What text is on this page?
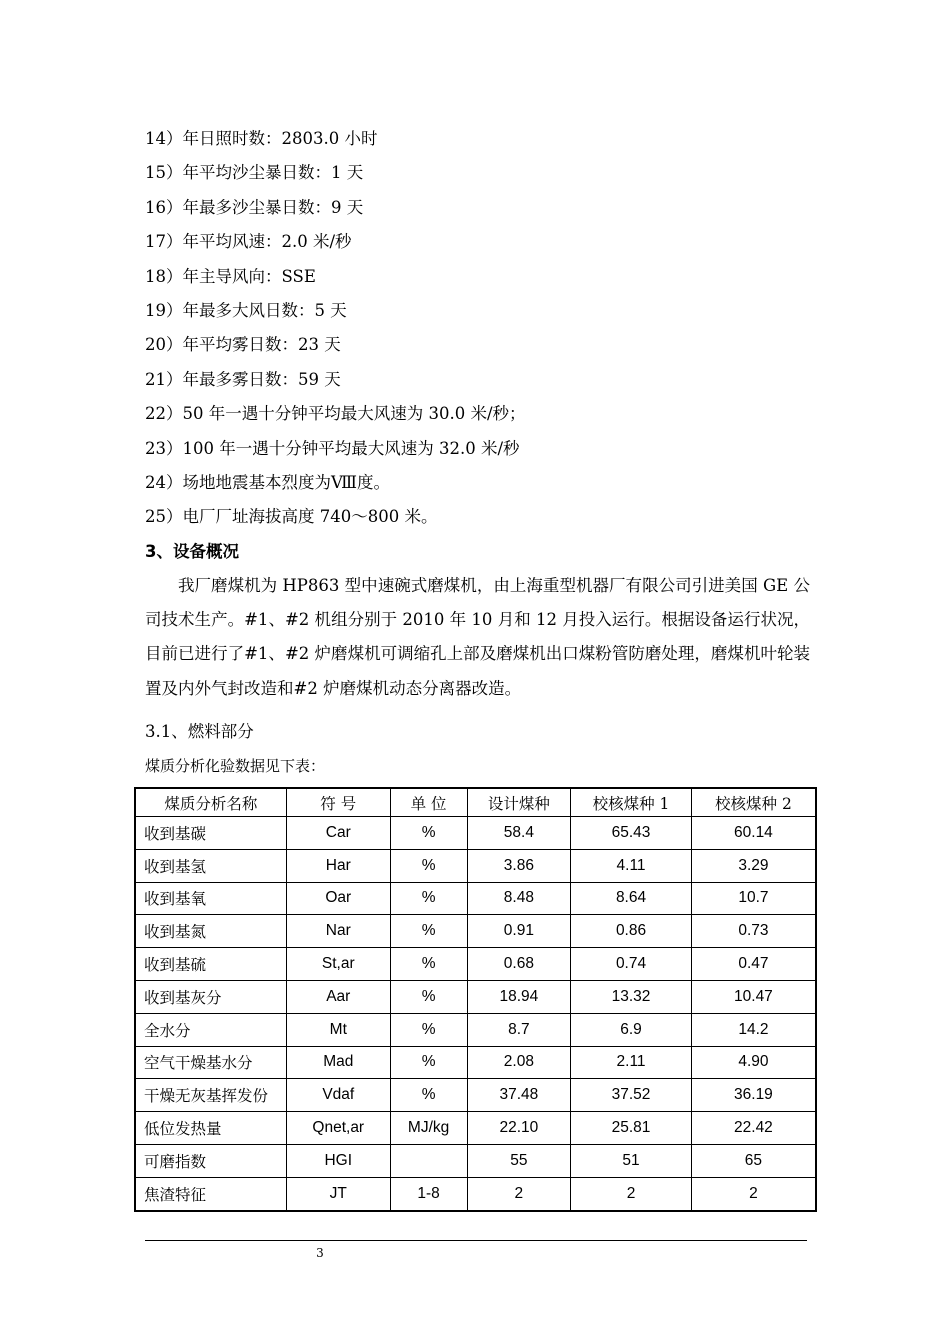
14）年日照时数：2803.0 小时
15）年平均沙尘暴日数：1 天
16）年最多沙尘暴日数：9 天
17）年平均风速：2.0 米/秒
18）年主导风向：SSE
19）年最多大风日数：5 天
20）年平均雾日数：23 天
21）年最多雾日数：59 天
22）50 年一遇十分钟平均最大风速为 30.0 米/秒；
23）100 年一遇十分钟平均最大风速为 32.0 米/秒
24）场地地震基本烈度为Ⅷ度。
25）电厂厂址海拔高度 740～800 米。
3、设备概况
我厂磨煤机为 HP863 型中速碗式磨煤机，由上海重型机器厂有限公司引进美国 GE 公司技术生产。#1、#2 机组分别于 2010 年 10 月和 12 月投入运行。根据设备运行状况，目前已进行了#1、#2 炉磨煤机可调缩孔上部及磨煤机出口煤粉管防磨处理，磨煤机叶轮装置及内外气封改造和#2 炉磨煤机动态分离器改造。
3.1、燃料部分
煤质分析化验数据见下表：
煤质分析名称	符 号	单 位	设计煤种	校核煤种 1	校核煤种 2
收到基碳	Car	%	58.4	65.43	60.14
收到基氢	Har	%	3.86	4.11	3.29
收到基氧	Oar	%	8.48	8.64	10.7
收到基氮	Nar	%	0.91	0.86	0.73
收到基硫	St,ar	%	0.68	0.74	0.47
收到基灰分	Aar	%	18.94	13.32	10.47
全水分	Mt	%	8.7	6.9	14.2
空气干燥基水分	Mad	%	2.08	2.11	4.90
干燥无灰基挥发份	Vdaf	%	37.48	37.52	36.19
低位发热量	Qnet,ar	MJ/kg	22.10	25.81	22.42
可磨指数	HGI		55	51	65
焦渣特征	JT	1-8	2	2	2
3
